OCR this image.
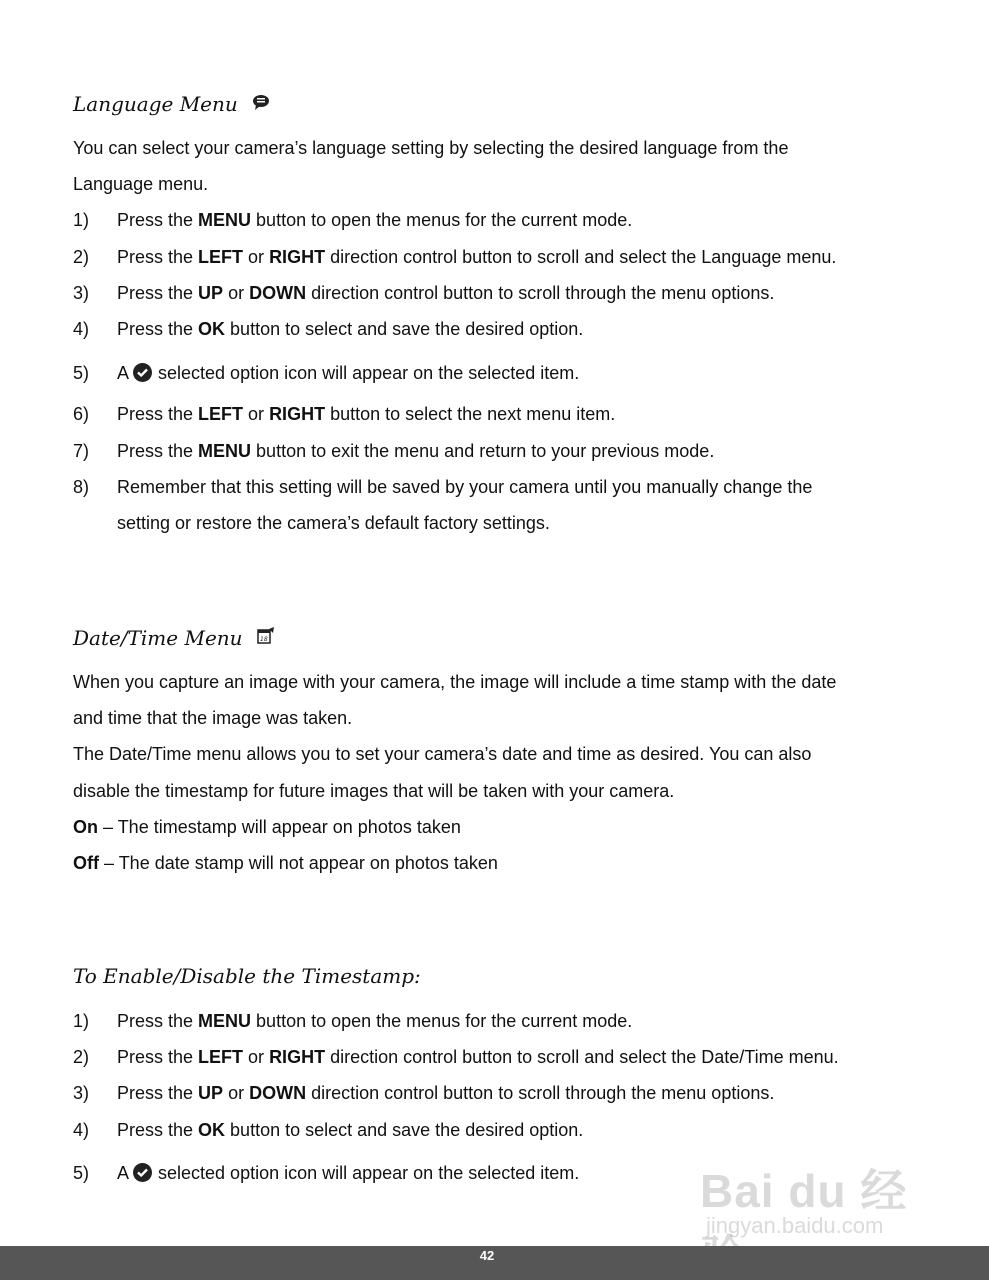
Language Menu
You can select your camera’s language setting by selecting the desired language from the
Language menu.
1) Press the MENU button to open the menus for the current mode.
2) Press the LEFT or RIGHT direction control button to scroll and select the Language menu.
3) Press the UP or DOWN direction control button to scroll through the menu options.
4) Press the OK button to select and save the desired option.
5) A selected option icon will appear on the selected item.
6) Press the LEFT or RIGHT button to select the next menu item.
7) Press the MENU button to exit the menu and return to your previous mode.
8) Remember that this setting will be saved by your camera until you manually change the
setting or restore the camera’s default factory settings.
Date/Time Menu	18
When you capture an image with your camera, the image will include a time stamp with the date
and time that the image was taken.
The Date/Time menu allows you to set your camera’s date and time as desired. You can also
disable the timestamp for future images that will be taken with your camera.
On – The timestamp will appear on photos taken
Off – The date stamp will not appear on photos taken
To Enable/Disable the Timestamp:
1) Press the MENU button to open the menus for the current mode.
2) Press the LEFT or RIGHT direction control button to scroll and select the Date/Time menu.
3) Press the UP or DOWN direction control button to scroll through the menu options.
4) Press the OK button to select and save the desired option.
5) A selected option icon will appear on the selected item.	Bai du 经
jingyan.baidu.com
42
